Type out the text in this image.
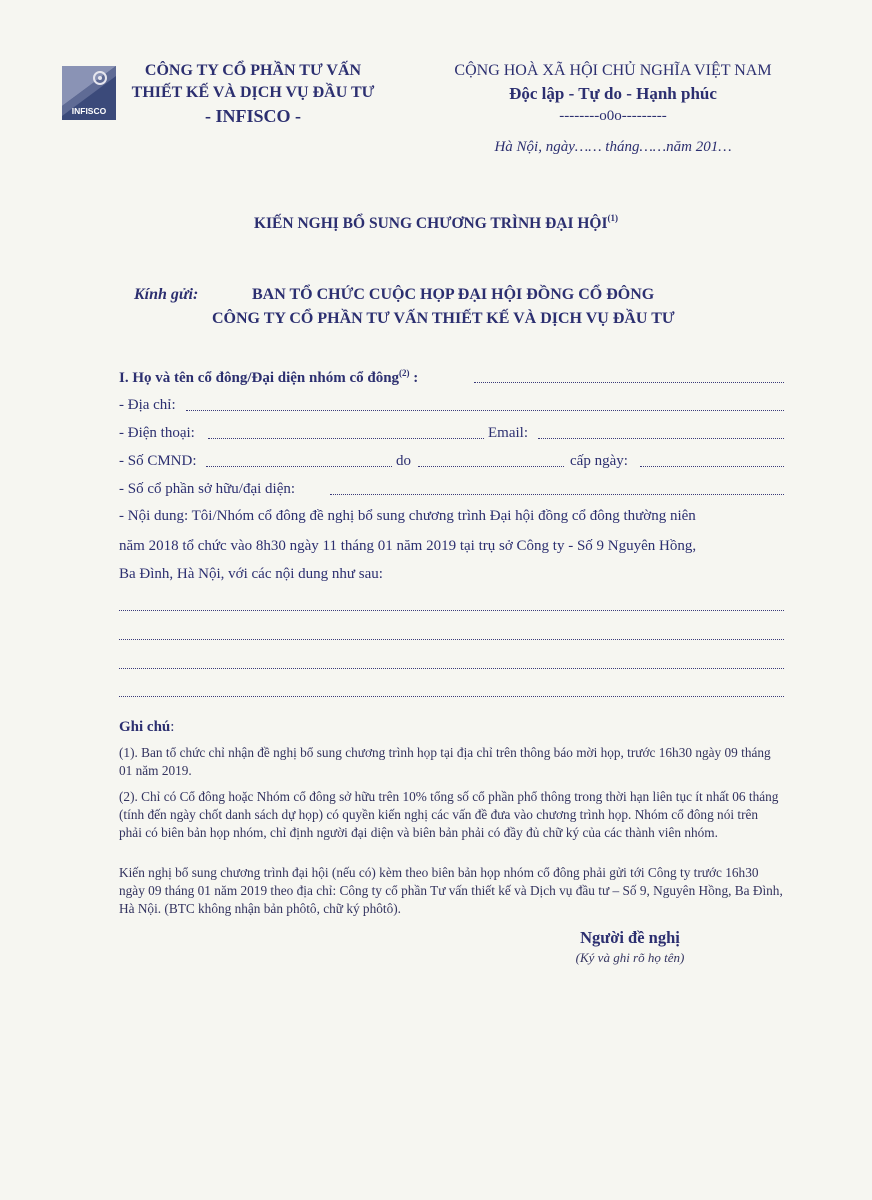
INFISCO
CÔNG TY CỔ PHẦN TƯ VẤN
THIẾT KẾ VÀ DỊCH VỤ ĐẦU TƯ
- INFISCO -
CỘNG HOÀ XÃ HỘI CHỦ NGHĨA VIỆT NAM
Độc lập - Tự do - Hạnh phúc
--------o0o---------
Hà Nội, ngày…… tháng……năm 201…
KIẾN NGHỊ BỔ SUNG CHƯƠNG TRÌNH ĐẠI HỘI$^{(1)}$
Kính gửi:	BAN TỔ CHỨC CUỘC HỌP ĐẠI HỘI ĐỒNG CỔ ĐÔNG
CÔNG TY CỔ PHẦN TƯ VẤN THIẾT KẾ VÀ DỊCH VỤ ĐẦU TƯ
I. Họ và tên cổ đông/Đại diện nhóm cổ đông$^{(2)}$ :
- Địa chỉ:
- Điện thoại:	Email:
- Số CMND:	do	cấp ngày:
- Số cổ phần sở hữu/đại diện:
- Nội dung: Tôi/Nhóm cổ đông đề nghị bổ sung chương trình Đại hội đồng cổ đông thường niên
năm 2018 tổ chức vào 8h30 ngày 11 tháng 01 năm 2019 tại trụ sở Công ty - Số 9 Nguyên Hồng,
Ba Đình, Hà Nội, với các nội dung như sau:
Ghi chú:
(1). Ban tổ chức chỉ nhận đề nghị bổ sung chương trình họp tại địa chỉ trên thông báo mời họp, trước 16h30 ngày 09 tháng 01 năm 2019.
(2). Chỉ có Cổ đông hoặc Nhóm cổ đông sở hữu trên 10% tổng số cổ phần phổ thông trong thời hạn liên tục ít nhất 06 tháng (tính đến ngày chốt danh sách dự họp) có quyền kiến nghị các vấn đề đưa vào chương trình họp. Nhóm cổ đông nói trên phải có biên bản họp nhóm, chỉ định người đại diện và biên bản phải có đầy đủ chữ ký của các thành viên nhóm.
Kiến nghị bổ sung chương trình đại hội (nếu có) kèm theo biên bản họp nhóm cổ đông phải gửi tới Công ty trước 16h30 ngày 09 tháng 01 năm 2019 theo địa chỉ: Công ty cổ phần Tư vấn thiết kế và Dịch vụ đầu tư – Số 9, Nguyên Hồng, Ba Đình, Hà Nội. (BTC không nhận bản phôtô, chữ ký phôtô).
Người đề nghị
(Ký và ghi rõ họ tên)
